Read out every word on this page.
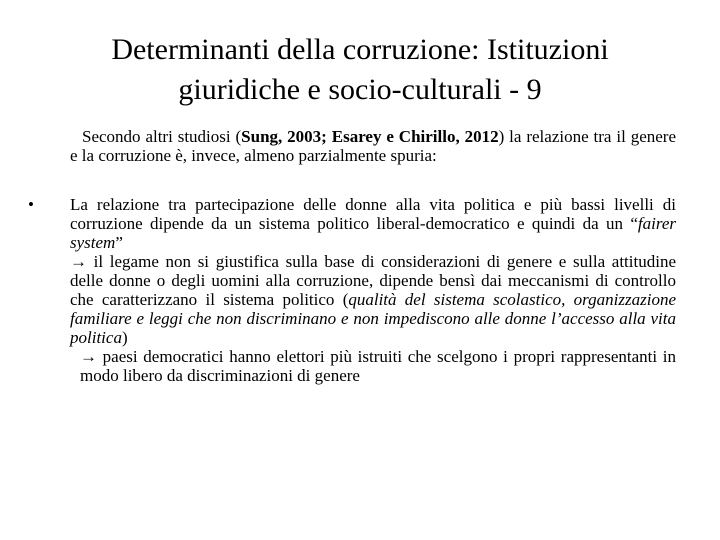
Determinanti della corruzione: Istituzioni
giuridiche e socio-culturali - 9
Secondo altri studiosi (Sung, 2003; Esarey e Chirillo, 2012) la relazione tra il genere e la corruzione è, invece, almeno parzialmente spuria:
•	La relazione tra partecipazione delle donne alla vita politica e più bassi livelli di corruzione dipende da un sistema politico liberal-democratico e quindi da un “fairer system”

→ il legame non si giustifica sulla base di considerazioni di genere e sulla attitudine delle donne o degli uomini alla corruzione, dipende bensì dai meccanismi di controllo che caratterizzano il sistema politico (qualità del sistema scolastico, organizzazione familiare e leggi che non discriminano e non impediscono alle donne l’accesso alla vita politica)

→ paesi democratici hanno elettori più istruiti che scelgono i propri rappresentanti in modo libero da discriminazioni di genere
